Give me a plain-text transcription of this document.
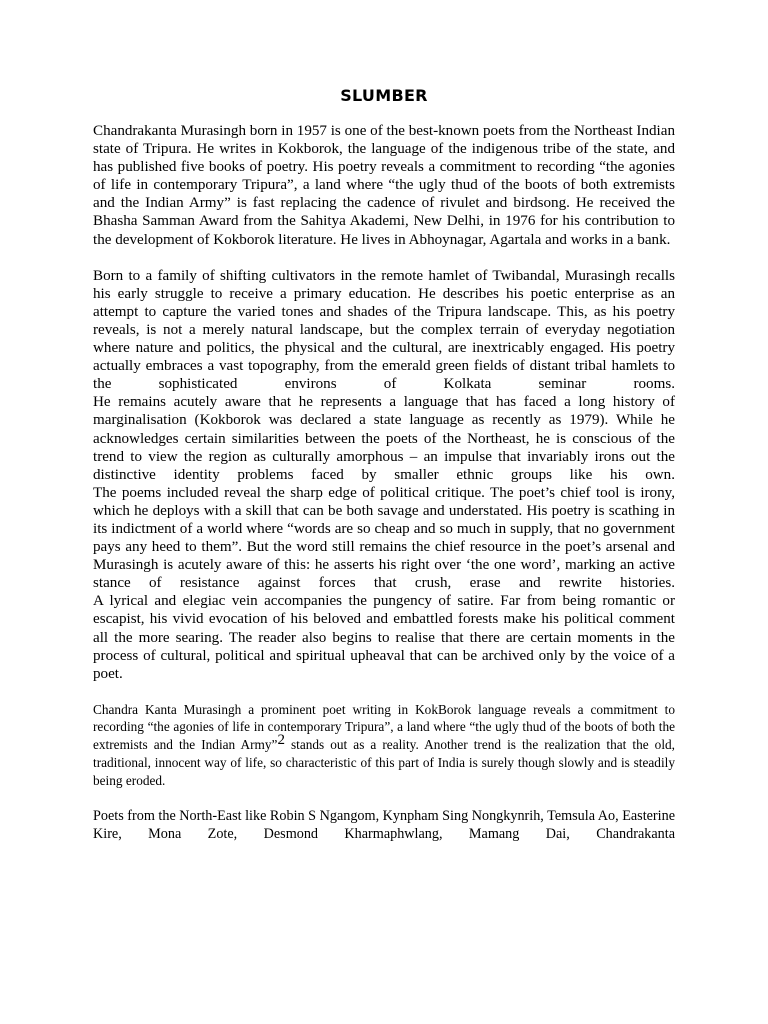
SLUMBER

Chandrakanta Murasingh born in 1957 is one of the best-known poets from the Northeast Indian state of Tripura. He writes in Kokborok, the language of the indigenous tribe of the state, and has published five books of poetry. His poetry reveals a commitment to recording “the agonies of life in contemporary Tripura”, a land where “the ugly thud of the boots of both extremists and the Indian Army” is fast replacing the cadence of rivulet and birdsong. He received the Bhasha Samman Award from the Sahitya Akademi, New Delhi, in 1976 for his contribution to the development of Kokborok literature. He lives in Abhoynagar, Agartala and works in a bank.

Born to a family of shifting cultivators in the remote hamlet of Twibandal, Murasingh recalls his early struggle to receive a primary education. He describes his poetic enterprise as an attempt to capture the varied tones and shades of the Tripura landscape. This, as his poetry reveals, is not a merely natural landscape, but the complex terrain of everyday negotiation where nature and politics, the physical and the cultural, are inextricably engaged. His poetry actually embraces a vast topography, from the emerald green fields of distant tribal hamlets to the sophisticated environs of Kolkata seminar rooms.

He remains acutely aware that he represents a language that has faced a long history of marginalisation (Kokborok was declared a state language as recently as 1979). While he acknowledges certain similarities between the poets of the Northeast, he is conscious of the trend to view the region as culturally amorphous – an impulse that invariably irons out the distinctive identity problems faced by smaller ethnic groups like his own.

The poems included reveal the sharp edge of political critique. The poet’s chief tool is irony, which he deploys with a skill that can be both savage and understated. His poetry is scathing in its indictment of a world where “words are so cheap and so much in supply, that no government pays any heed to them”. But the word still remains the chief resource in the poet’s arsenal and Murasingh is acutely aware of this: he asserts his right over ‘the one word’, marking an active stance of resistance against forces that crush, erase and rewrite histories.

A lyrical and elegiac vein accompanies the pungency of satire. Far from being romantic or escapist, his vivid evocation of his beloved and embattled forests make his political comment all the more searing. The reader also begins to realise that there are certain moments in the process of cultural, political and spiritual upheaval that can be archived only by the voice of a poet.

Chandra Kanta Murasingh a prominent poet writing in KokBorok language reveals a commitment to recording “the agonies of life in contemporary Tripura”, a land where “the ugly thud of the boots of both the extremists and the Indian Army”2 stands out as a reality. Another trend is the realization that the old, traditional, innocent way of life, so characteristic of this part of India is surely though slowly and is steadily being eroded.

Poets from the North-East like Robin S Ngangom, Kynpham Sing Nongkynrih, Temsula Ao, Easterine Kire, Mona Zote, Desmond Kharmaphwlang, Mamang Dai, Chandrakanta
